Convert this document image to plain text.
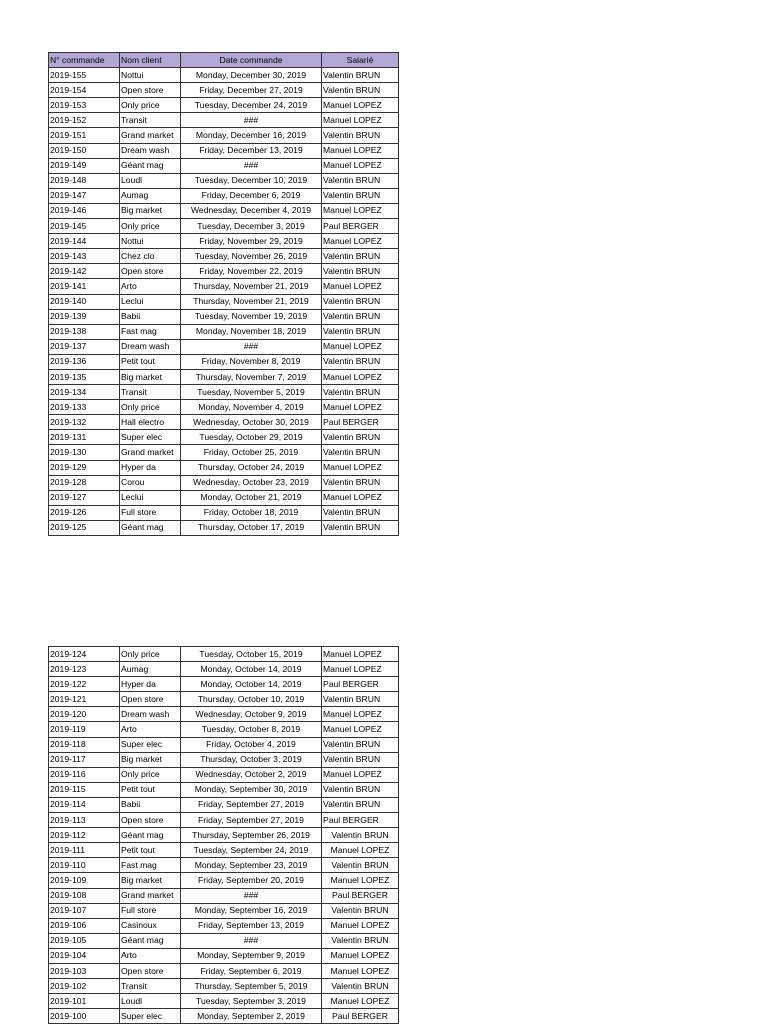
N° commande	Nom client	Date commande	Salarié
2019-155	Nottui	Monday, December 30, 2019	Valentin BRUN
2019-154	Open store	Friday, December 27, 2019	Valentin BRUN
2019-153	Only price	Tuesday, December 24, 2019	Manuel LOPEZ
2019-152	Transit	###	Manuel LOPEZ
2019-151	Grand market	Monday, December 16, 2019	Valentin BRUN
2019-150	Dream wash	Friday, December 13, 2019	Manuel LOPEZ
2019-149	Géant mag	###	Manuel LOPEZ
2019-148	Loudl	Tuesday, December 10, 2019	Valentin BRUN
2019-147	Aumag	Friday, December 6, 2019	Valentin BRUN
2019-146	Big market	Wednesday, December 4, 2019	Manuel LOPEZ
2019-145	Only price	Tuesday, December 3, 2019	Paul BERGER
2019-144	Nottui	Friday, November 29, 2019	Manuel LOPEZ
2019-143	Chez clo	Tuesday, November 26, 2019	Valentin BRUN
2019-142	Open store	Friday, November 22, 2019	Valentin BRUN
2019-141	Arto	Thursday, November 21, 2019	Manuel LOPEZ
2019-140	Leclui	Thursday, November 21, 2019	Valentin BRUN
2019-139	Babii	Tuesday, November 19, 2019	Valentin BRUN
2019-138	Fast mag	Monday, November 18, 2019	Valentin BRUN
2019-137	Dream wash	###	Manuel LOPEZ
2019-136	Petit tout	Friday, November 8, 2019	Valentin BRUN
2019-135	Big market	Thursday, November 7, 2019	Manuel LOPEZ
2019-134	Transit	Tuesday, November 5, 2019	Valentin BRUN
2019-133	Only price	Monday, November 4, 2019	Manuel LOPEZ
2019-132	Hall electro	Wednesday, October 30, 2019	Paul BERGER
2019-131	Super elec	Tuesday, October 29, 2019	Valentin BRUN
2019-130	Grand market	Friday, October 25, 2019	Valentin BRUN
2019-129	Hyper da	Thursday, October 24, 2019	Manuel LOPEZ
2019-128	Corou	Wednesday, October 23, 2019	Valentin BRUN
2019-127	Leclui	Monday, October 21, 2019	Manuel LOPEZ
2019-126	Full store	Friday, October 18, 2019	Valentin BRUN
2019-125	Géant mag	Thursday, October 17, 2019	Valentin BRUN
2019-124	Only price	Tuesday, October 15, 2019	Manuel LOPEZ
2019-123	Aumag	Monday, October 14, 2019	Manuel LOPEZ
2019-122	Hyper da	Monday, October 14, 2019	Paul BERGER
2019-121	Open store	Thursday, October 10, 2019	Valentin BRUN
2019-120	Dream wash	Wednesday, October 9, 2019	Manuel LOPEZ
2019-119	Arto	Tuesday, October 8, 2019	Manuel LOPEZ
2019-118	Super elec	Friday, October 4, 2019	Valentin BRUN
2019-117	Big market	Thursday, October 3, 2019	Valentin BRUN
2019-116	Only price	Wednesday, October 2, 2019	Manuel LOPEZ
2019-115	Petit tout	Monday, September 30, 2019	Valentin BRUN
2019-114	Babii	Friday, September 27, 2019	Valentin BRUN
2019-113	Open store	Friday, September 27, 2019	Paul BERGER
2019-112	Géant mag	Thursday, September 26, 2019	Valentin BRUN
2019-111	Petit tout	Tuesday, September 24, 2019	Manuel LOPEZ
2019-110	Fast mag	Monday, September 23, 2019	Valentin BRUN
2019-109	Big market	Friday, September 20, 2019	Manuel LOPEZ
2019-108	Grand market	###	Paul BERGER
2019-107	Full store	Monday, September 16, 2019	Valentin BRUN
2019-106	Casinoux	Friday, September 13, 2019	Manuel LOPEZ
2019-105	Géant mag	###	Valentin BRUN
2019-104	Arto	Monday, September 9, 2019	Manuel LOPEZ
2019-103	Open store	Friday, September 6, 2019	Manuel LOPEZ
2019-102	Transit	Thursday, September 5, 2019	Valentin BRUN
2019-101	Loudl	Tuesday, September 3, 2019	Manuel LOPEZ
2019-100	Super elec	Monday, September 2, 2019	Paul BERGER
